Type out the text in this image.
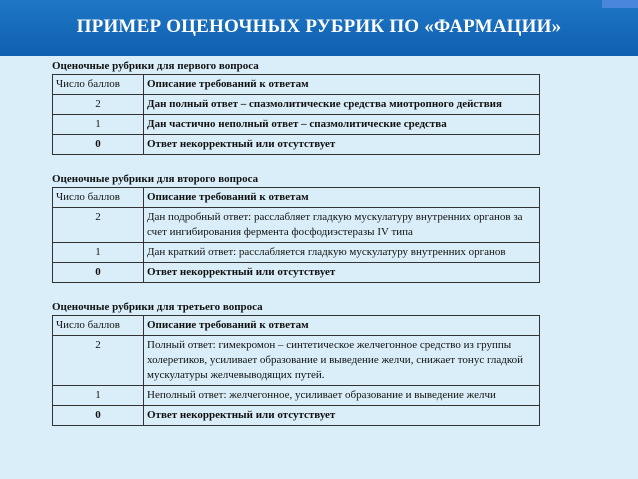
ПРИМЕР ОЦЕНОЧНЫХ РУБРИК ПО «ФАРМАЦИИ»
Оценочные рубрики для первого вопроса
Число баллов	Описание требований к ответам
2	Дан полный ответ – спазмолитические средства миотропного действия
1	Дан частично неполный ответ – спазмолитические средства
0	Ответ некорректный или отсутствует
Оценочные рубрики для второго вопроса
Число баллов	Описание требований к ответам
2	Дан подробный ответ: расслабляет гладкую мускулатуру внутренних органов за счет ингибирования фермента фосфодиэстеразы IV типа
1	Дан краткий ответ: расслабляется гладкую мускулатуру внутренних органов
0	Ответ некорректный или отсутствует
Оценочные рубрики для третьего вопроса
Число баллов	Описание требований к ответам
2	Полный ответ: гимекромон – синтетическое желчегонное средство из группы холеретиков, усиливает образование и выведение желчи, снижает тонус гладкой мускулатуры желчевыводящих путей.
1	Неполный ответ: желчегонное, усиливает образование и выведение желчи
0	Ответ некорректный или отсутствует
